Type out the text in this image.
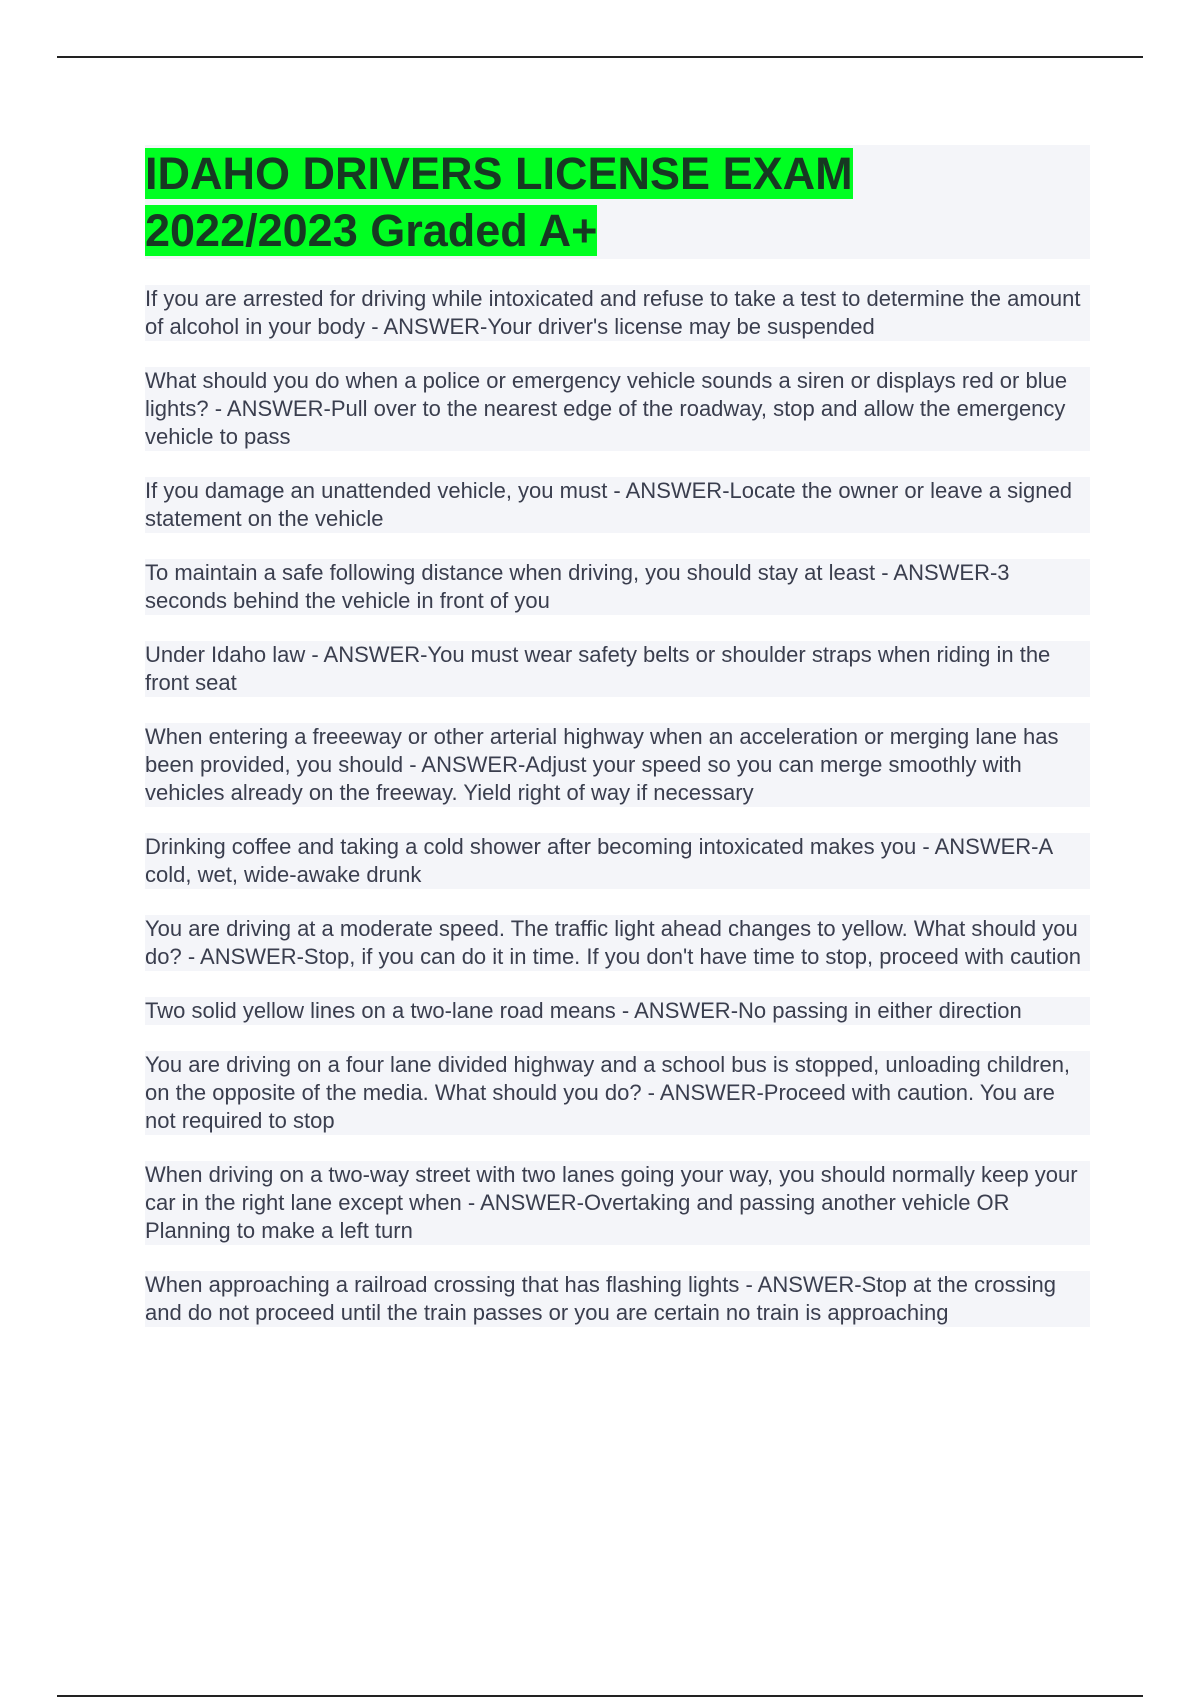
IDAHO DRIVERS LICENSE EXAM
2022/2023 Graded A+

If you are arrested for driving while intoxicated and refuse to take a test to determine the amount of alcohol in your body - ANSWER-Your driver's license may be suspended

What should you do when a police or emergency vehicle sounds a siren or displays red or blue lights? - ANSWER-Pull over to the nearest edge of the roadway, stop and allow the emergency vehicle to pass

If you damage an unattended vehicle, you must - ANSWER-Locate the owner or leave a signed statement on the vehicle

To maintain a safe following distance when driving, you should stay at least - ANSWER-3 seconds behind the vehicle in front of you

Under Idaho law - ANSWER-You must wear safety belts or shoulder straps when riding in the front seat

When entering a freeeway or other arterial highway when an acceleration or merging lane has been provided, you should - ANSWER-Adjust your speed so you can merge smoothly with vehicles already on the freeway. Yield right of way if necessary

Drinking coffee and taking a cold shower after becoming intoxicated makes you - ANSWER-A cold, wet, wide-awake drunk

You are driving at a moderate speed. The traffic light ahead changes to yellow. What should you do? - ANSWER-Stop, if you can do it in time. If you don't have time to stop, proceed with caution

Two solid yellow lines on a two-lane road means - ANSWER-No passing in either direction

You are driving on a four lane divided highway and a school bus is stopped, unloading children, on the opposite of the media. What should you do? - ANSWER-Proceed with caution. You are not required to stop

When driving on a two-way street with two lanes going your way, you should normally keep your car in the right lane except when - ANSWER-Overtaking and passing another vehicle OR Planning to make a left turn

When approaching a railroad crossing that has flashing lights - ANSWER-Stop at the crossing and do not proceed until the train passes or you are certain no train is approaching
